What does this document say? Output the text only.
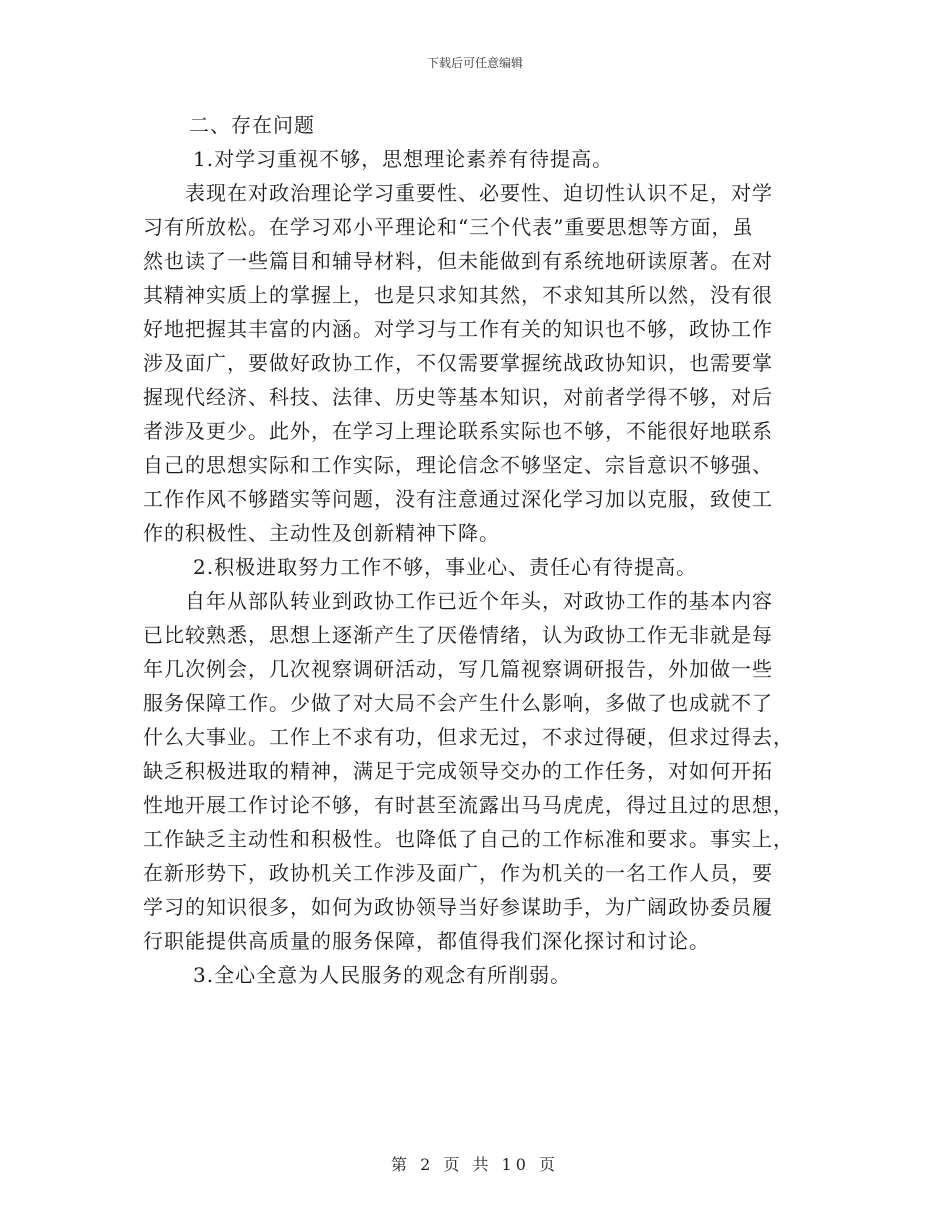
下载后可任意编辑
二、存在问题
1.对学习重视不够，思想理论素养有待提高。
表现在对政治理论学习重要性、必要性、迫切性认识不足，对学
习有所放松。在学习邓小平理论和“三个代表”重要思想等方面，虽
然也读了一些篇目和辅导材料，但未能做到有系统地研读原著。在对
其精神实质上的掌握上，也是只求知其然，不求知其所以然，没有很
好地把握其丰富的内涵。对学习与工作有关的知识也不够，政协工作
涉及面广，要做好政协工作，不仅需要掌握统战政协知识，也需要掌
握现代经济、科技、法律、历史等基本知识，对前者学得不够，对后
者涉及更少。此外，在学习上理论联系实际也不够，不能很好地联系
自己的思想实际和工作实际，理论信念不够坚定、宗旨意识不够强、
工作作风不够踏实等问题，没有注意通过深化学习加以克服，致使工
作的积极性、主动性及创新精神下降。
2.积极进取努力工作不够，事业心、责任心有待提高。
自年从部队转业到政协工作已近个年头，对政协工作的基本内容
已比较熟悉，思想上逐渐产生了厌倦情绪，认为政协工作无非就是每
年几次例会，几次视察调研活动，写几篇视察调研报告，外加做一些
服务保障工作。少做了对大局不会产生什么影响，多做了也成就不了
什么大事业。工作上不求有功，但求无过，不求过得硬，但求过得去，
缺乏积极进取的精神，满足于完成领导交办的工作任务，对如何开拓
性地开展工作讨论不够，有时甚至流露出马马虎虎，得过且过的思想，
工作缺乏主动性和积极性。也降低了自己的工作标准和要求。事实上，
在新形势下，政协机关工作涉及面广，作为机关的一名工作人员，要
学习的知识很多，如何为政协领导当好参谋助手，为广阔政协委员履
行职能提供高质量的服务保障，都值得我们深化探讨和讨论。
3.全心全意为人民服务的观念有所削弱。
第 2 页 共 10 页
